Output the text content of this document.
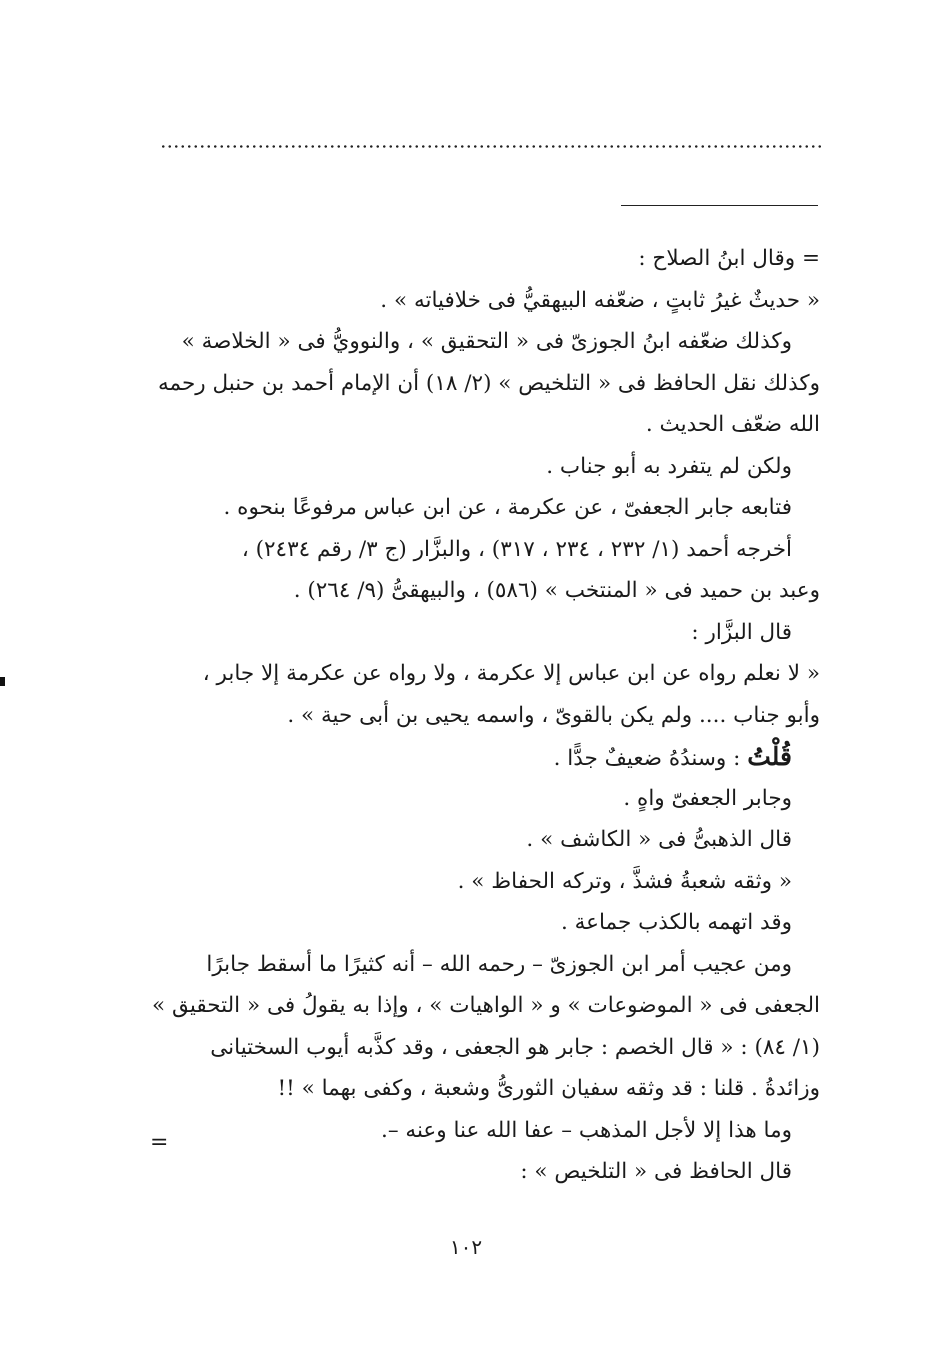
= وقال ابنُ الصلاح :
« حديثٌ غيرُ ثابتٍ ، ضعّفه البيهقيُّ فى خلافياته » .
وكذلك ضعّفه ابنُ الجوزىّ فى « التحقيق » ، والنوويُّ فى « الخلاصة »
وكذلك نقل الحافظ فى « التلخيص » (٢/ ١٨) أن الإمام أحمد بن حنبل رحمه
الله ضعّف الحديث .
ولكن لم يتفرد به أبو جناب .
فتابعه جابر الجعفىّ ، عن عكرمة ، عن ابن عباس مرفوعًا بنحوه .
أخرجه أحمد (١/ ٢٣٢ ، ٢٣٤ ، ٣١٧) ، والبزَّار (ج ٣/ رقم ٢٤٣٤) ،
وعبد بن حميد فى « المنتخب » (٥٨٦) ، والبيهقىُّ (٩/ ٢٦٤) .
قال البزَّار :
« لا نعلم رواه عن ابن عباس إلا عكرمة ، ولا رواه عن عكرمة إلا جابر ،
وأبو جناب .... ولم يكن بالقوىّ ، واسمه يحيى بن أبى حية » .
قُلْتُ : وسندُهُ ضعيفٌ جدًّا .
وجابر الجعفىّ واهٍ .
قال الذهبىُّ فى « الكاشف » .
« وثقه شعبةُ فشذَّ ، وتركه الحفاظ » .
وقد اتهمه بالكذب جماعة .
ومن عجيب أمر ابن الجوزىّ – رحمه الله – أنه كثيرًا ما أسقط جابرًا
الجعفى فى « الموضوعات » و « الواهيات » ، وإذا به يقولُ فى « التحقيق »
(١/ ٨٤) : « قال الخصم : جابر هو الجعفى ، وقد كذَّبه أيوب السختيانى
وزائدةُ . قلنا : قد وثقه سفيان الثورىُّ وشعبة ، وكفى بهما » !!
وما هذا إلا لأجل المذهب – عفا الله عنا وعنه –.
قال الحافظ فى « التلخيص » :
=
١٠٢
